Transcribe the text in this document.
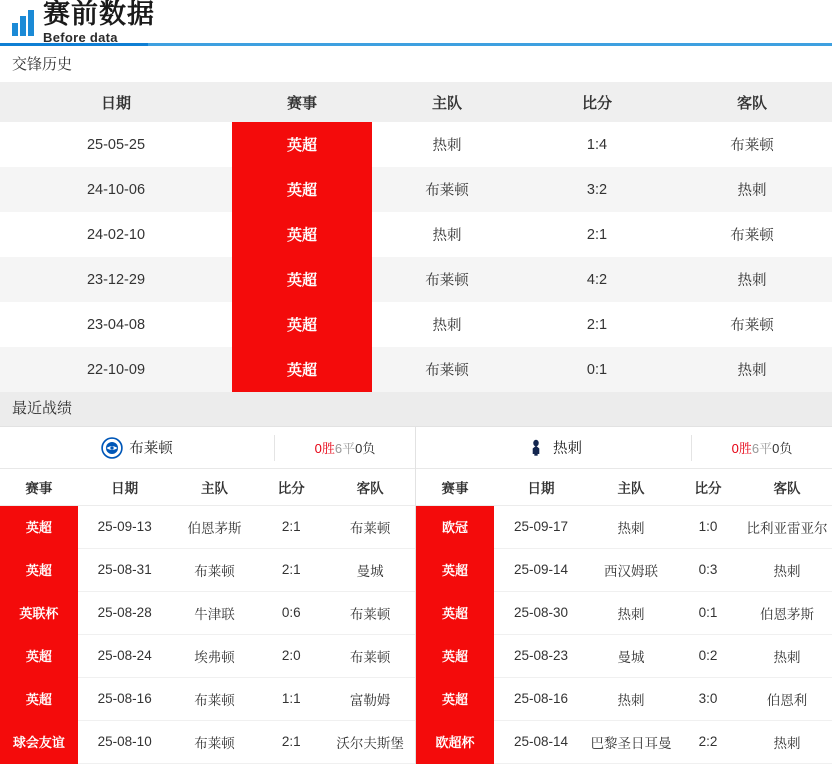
赛前数据
Before data
交锋历史
日期	赛事	主队	比分	客队
25-05-25	英超	热刺	1:4	布莱顿
24-10-06	英超	布莱顿	3:2	热刺
24-02-10	英超	热刺	2:1	布莱顿
23-12-29	英超	布莱顿	4:2	热刺
23-04-08	英超	热刺	2:1	布莱顿
22-10-09	英超	布莱顿	0:1	热刺
最近战绩
布莱顿	0胜6平0负
赛事	日期	主队	比分	客队
英超	25-09-13	伯恩茅斯	2:1	布莱顿
英超	25-08-31	布莱顿	2:1	曼城
英联杯	25-08-28	牛津联	0:6	布莱顿
英超	25-08-24	埃弗顿	2:0	布莱顿
英超	25-08-16	布莱顿	1:1	富勒姆
球会友谊	25-08-10	布莱顿	2:1	沃尔夫斯堡
热刺	0胜6平0负
赛事	日期	主队	比分	客队
欧冠	25-09-17	热刺	1:0	比利亚雷亚尔
英超	25-09-14	西汉姆联	0:3	热刺
英超	25-08-30	热刺	0:1	伯恩茅斯
英超	25-08-23	曼城	0:2	热刺
英超	25-08-16	热刺	3:0	伯恩利
欧超杯	25-08-14	巴黎圣日耳曼	2:2	热刺
